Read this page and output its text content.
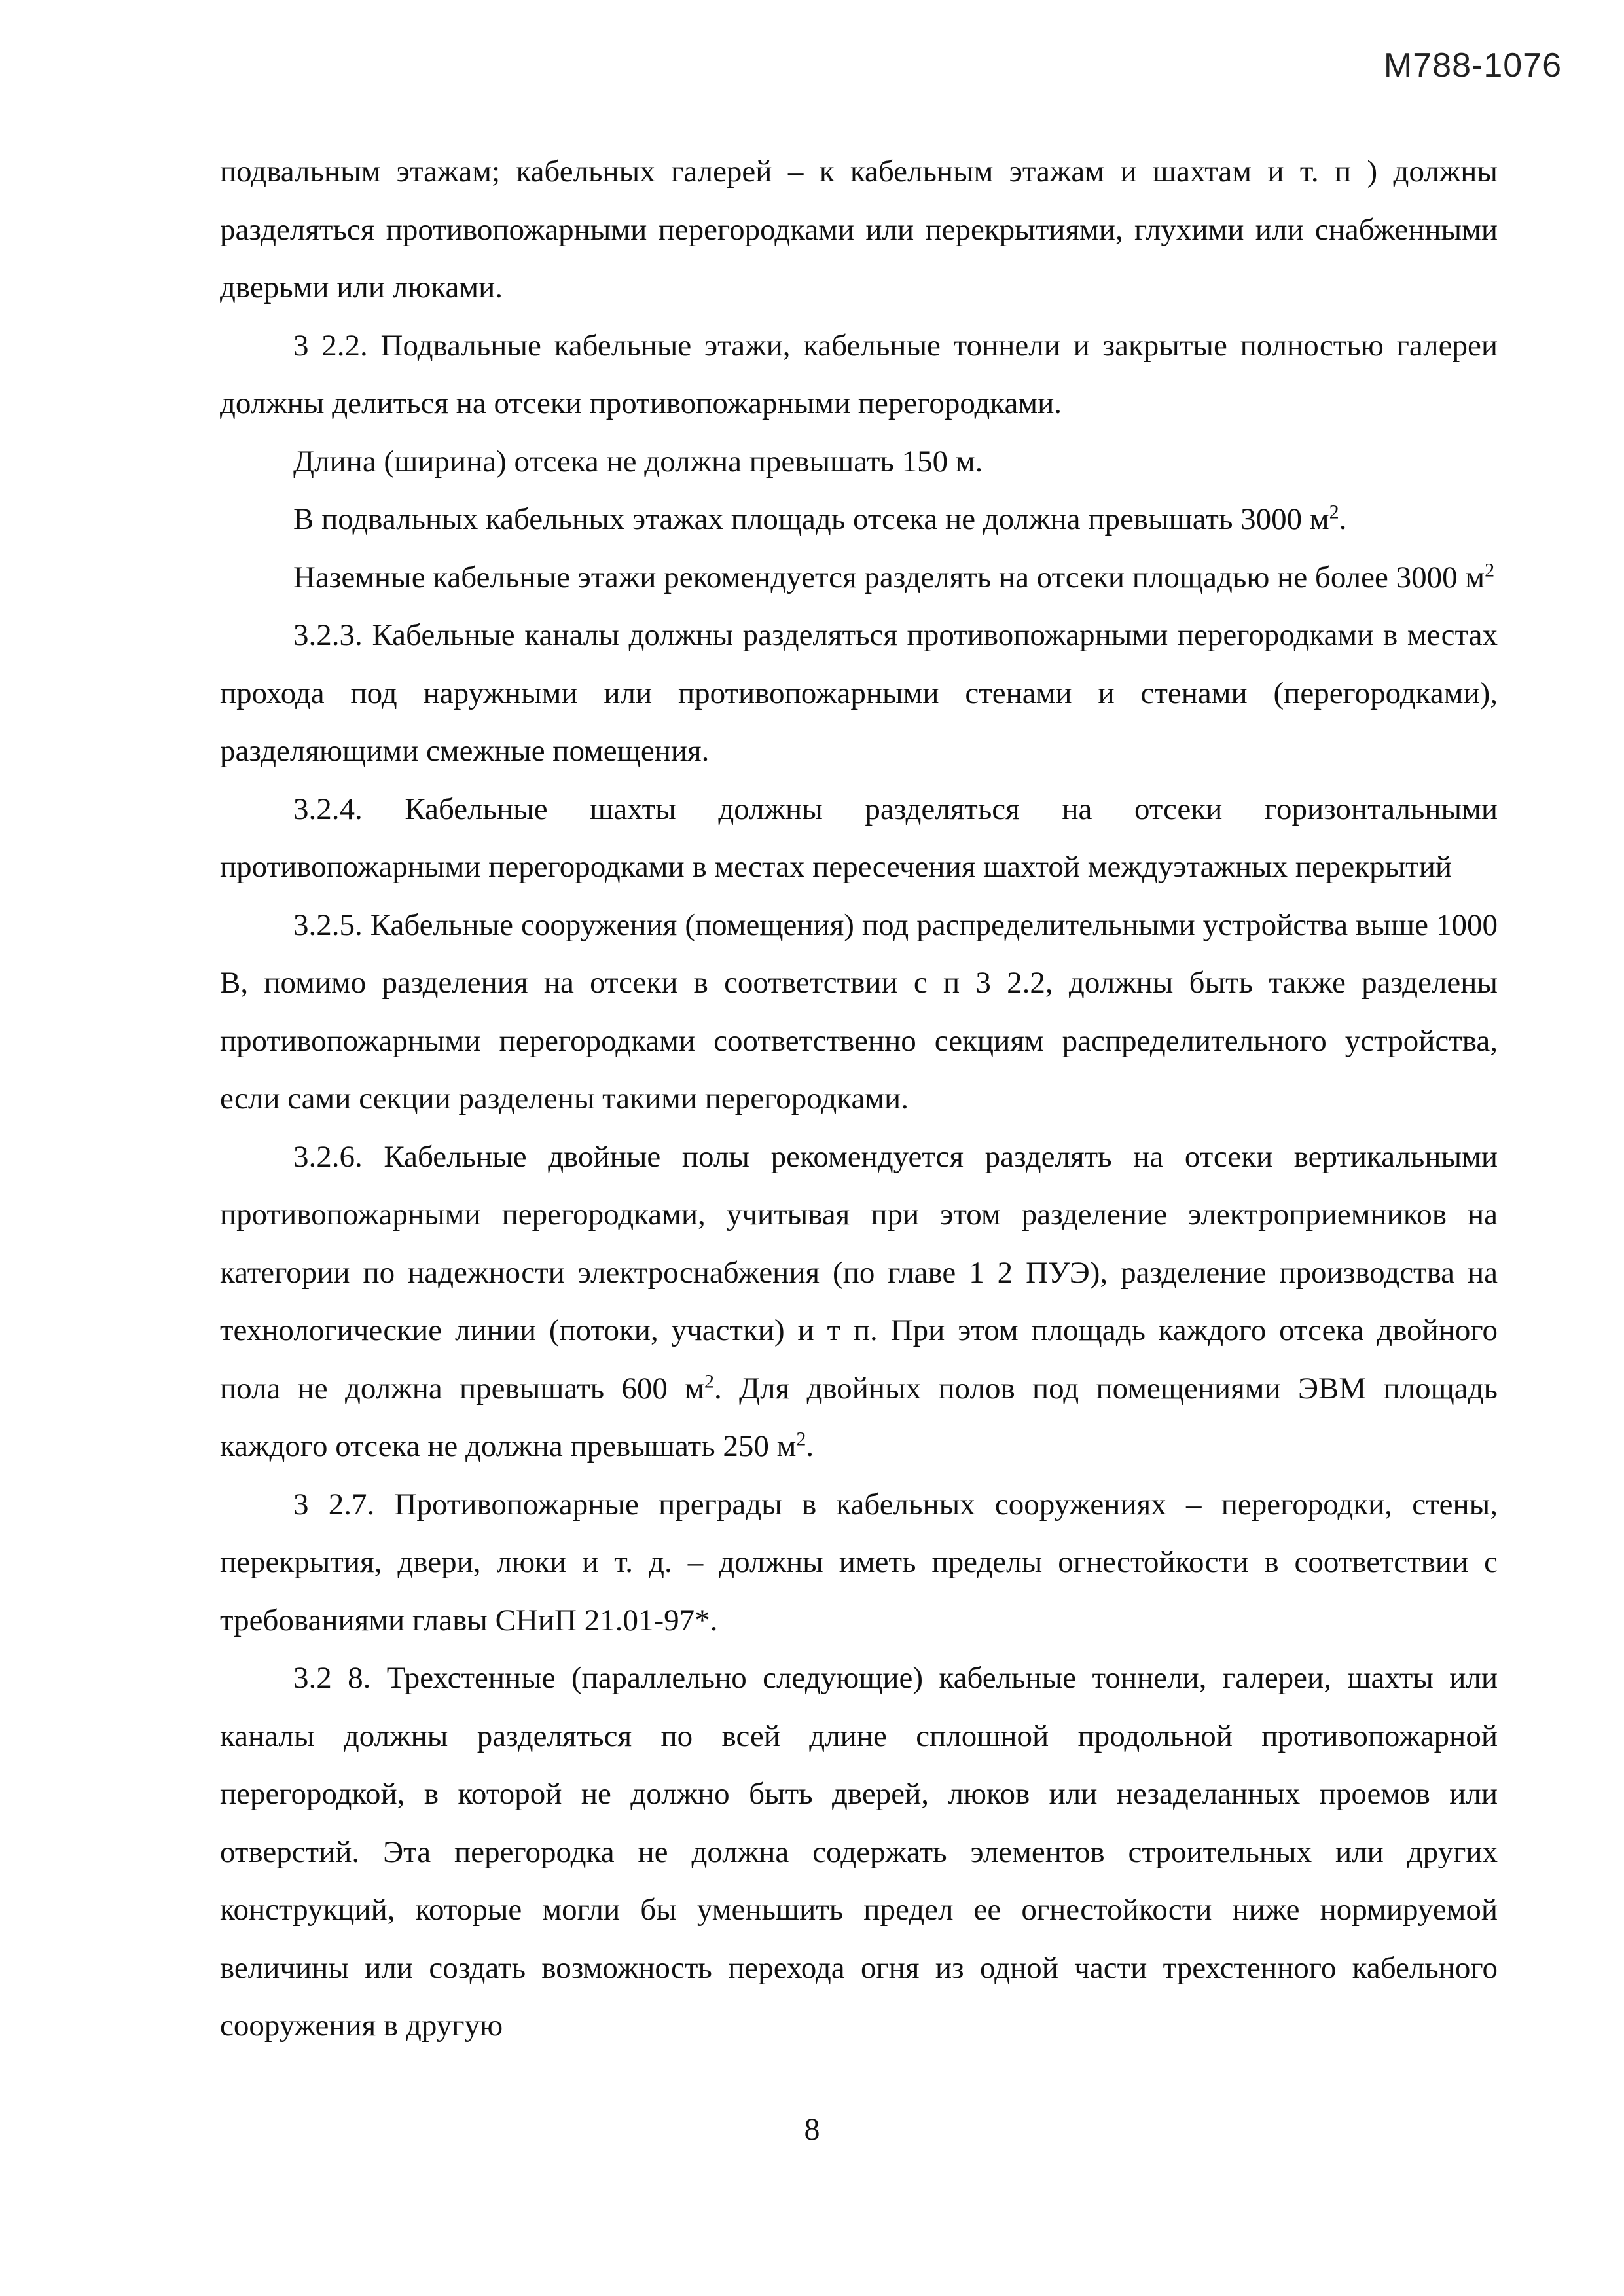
М788-1076

подвальным этажам; кабельных галерей – к кабельным этажам и шахтам и т. п ) должны разделяться противопожарными перегородками или перекрытиями, глухими или снабженными дверьми или люками.

3 2.2. Подвальные кабельные этажи, кабельные тоннели и закрытые полностью галереи должны делиться на отсеки противопожарными перегородками.

Длина (ширина) отсека не должна превышать 150 м.

В подвальных кабельных этажах площадь отсека не должна превышать 3000 $м^2$.

Наземные кабельные этажи рекомендуется разделять на отсеки площадью не более 3000 $м^2$

3.2.3. Кабельные каналы должны разделяться противопожарными перегородками в местах прохода под наружными или противопожарными стенами и стенами (перегородками), разделяющими смежные помещения.

3.2.4. Кабельные шахты должны разделяться на отсеки горизонтальными противопожарными перегородками в местах пересечения шахтой междуэтажных перекрытий

3.2.5. Кабельные сооружения (помещения) под распределительными устройства выше 1000 В, помимо разделения на отсеки в соответствии с п 3 2.2, должны быть также разделены противопожарными перегородками соответственно секциям распределительного устройства, если сами секции разделены такими перегородками.

3.2.6. Кабельные двойные полы рекомендуется разделять на отсеки вертикальными противопожарными перегородками, учитывая при этом разделение электроприемников на категории по надежности электроснабжения (по главе 1 2 ПУЭ), разделение производства на технологические линии (потоки, участки) и т п. При этом площадь каждого отсека двойного пола не должна превышать 600 $м^2$. Для двойных полов под помещениями ЭВМ площадь каждого отсека не должна превышать 250 $м^2$.

3 2.7. Противопожарные преграды в кабельных сооружениях – перегородки, стены, перекрытия, двери, люки и т. д. – должны иметь пределы огнестойкости в соответствии с требованиями главы СНиП 21.01-97*.

3.2 8. Трехстенные (параллельно следующие) кабельные тоннели, галереи, шахты или каналы должны разделяться по всей длине сплошной продольной противопожарной перегородкой, в которой не должно быть дверей, люков или незаделанных проемов или отверстий. Эта перегородка не должна содержать элементов строительных или других конструкций, которые могли бы уменьшить предел ее огнестойкости ниже нормируемой величины или создать возможность перехода огня из одной части трехстенного кабельного сооружения в другую

8
